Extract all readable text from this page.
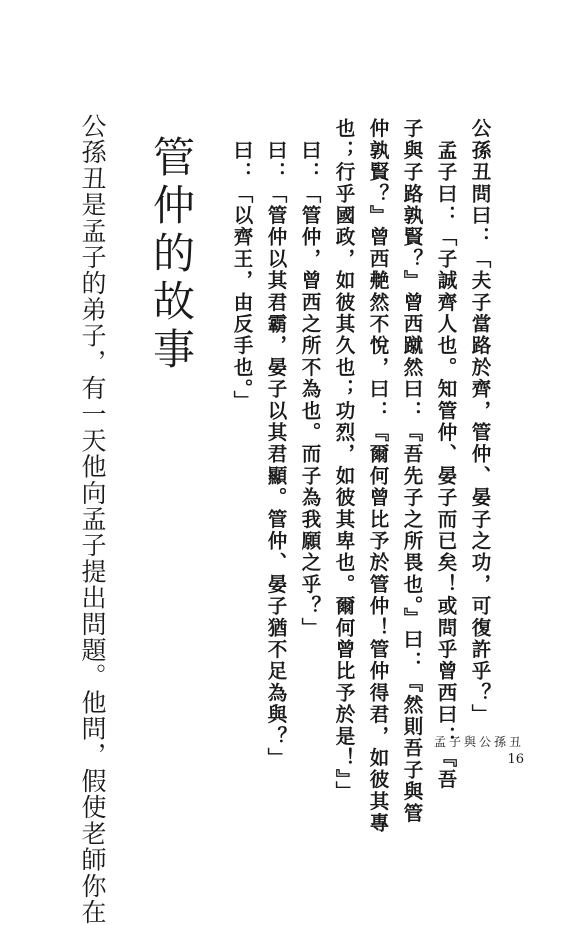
公孫丑問曰：「夫子當路於齊，管仲、晏子之功，可復許乎？」
　孟子曰：「子誠齊人也。知管仲、晏子而已矣！或問乎曾西曰：『吾
子與子路孰賢？』曾西蹴然曰：『吾先子之所畏也。』曰：『然則吾子與管
仲孰賢？』曾西艴然不悅，曰：『爾何曾比予於管仲！管仲得君，如彼其專
也；行乎國政，如彼其久也；功烈，如彼其卑也。爾何曾比予於是！』」
　曰：「管仲，曾西之所不為也。而子為我願之乎？」
　曰：「管仲以其君霸，晏子以其君顯。管仲、晏子猶不足為與？」
　曰：「以齊王，由反手也。」
管仲的故事
公孫丑是孟子的弟子，有一天他向孟子提出問題。他問，假使老師你在	孟子與公孫丑
16
